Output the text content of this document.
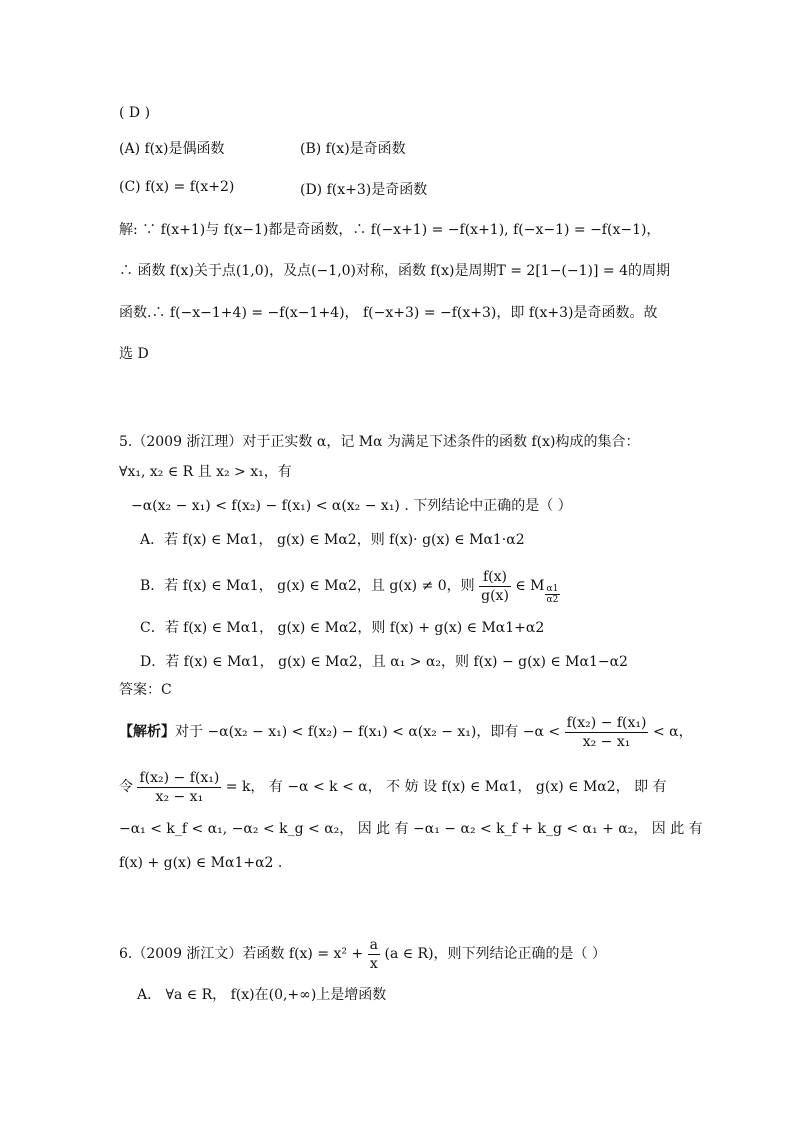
( D )
(A) f(x)是偶函数	(B) f(x)是奇函数
(C) f(x) = f(x+2)	(D) f(x+3)是奇函数
解: ∵ f(x+1)与 f(x−1)都是奇函数，∴ f(−x+1) = −f(x+1), f(−x−1) = −f(x−1)，
∴ 函数 f(x)关于点(1,0)，及点(−1,0)对称，函数 f(x)是周期T = 2[1−(−1)] = 4的周期
函数.∴ f(−x−1+4) = −f(x−1+4)， f(−x+3) = −f(x+3)，即 f(x+3)是奇函数。故
选 D
5.（2009 浙江理）对于正实数 α，记 Mα 为满足下述条件的函数 f(x)构成的集合：
∀x₁, x₂ ∈ R 且 x₂ > x₁，有
−α(x₂ − x₁) < f(x₂) − f(x₁) < α(x₂ − x₁) . 下列结论中正确的是（ ）
A．若 f(x) ∈ Mα1， g(x) ∈ Mα2，则 f(x)· g(x) ∈ Mα1·α2
B．若 f(x) ∈ Mα1， g(x) ∈ Mα2，且 g(x) ≠ 0，则 $\frac{f(x)}{g(x)}$ ∈ M $\frac{\alpha 1}{\alpha 2}$
C．若 f(x) ∈ Mα1， g(x) ∈ Mα2，则 f(x) + g(x) ∈ Mα1+α2
D．若 f(x) ∈ Mα1， g(x) ∈ Mα2，且 α₁ > α₂，则 f(x) − g(x) ∈ Mα1−α2
答案：C
【解析】对于 −α(x₂ − x₁) < f(x₂) − f(x₁) < α(x₂ − x₁)，即有 $-\alpha < \frac{\text{f(x₂) − f(x₁)}}{\text{x₂ − x₁}} < \alpha$，
令 $\frac{\text{f(x₂) − f(x₁)}}{\text{x₂ − x₁}} = k$， 有 −α < k < α， 不 妨 设 f(x) ∈ Mα1， g(x) ∈ Mα2， 即 有
−α₁ < k_f < α₁, −α₂ < k_g < α₂， 因 此 有 −α₁ − α₂ < k_f + k_g < α₁ + α₂， 因 此 有
f(x) + g(x) ∈ Mα1+α2 .
6.（2009 浙江文）若函数 $f(x) = x^2 + \frac{a}{x} (a$ ∈ R)，则下列结论正确的是（ ）
A． ∀a ∈ R， f(x)在(0,+∞)上是增函数
